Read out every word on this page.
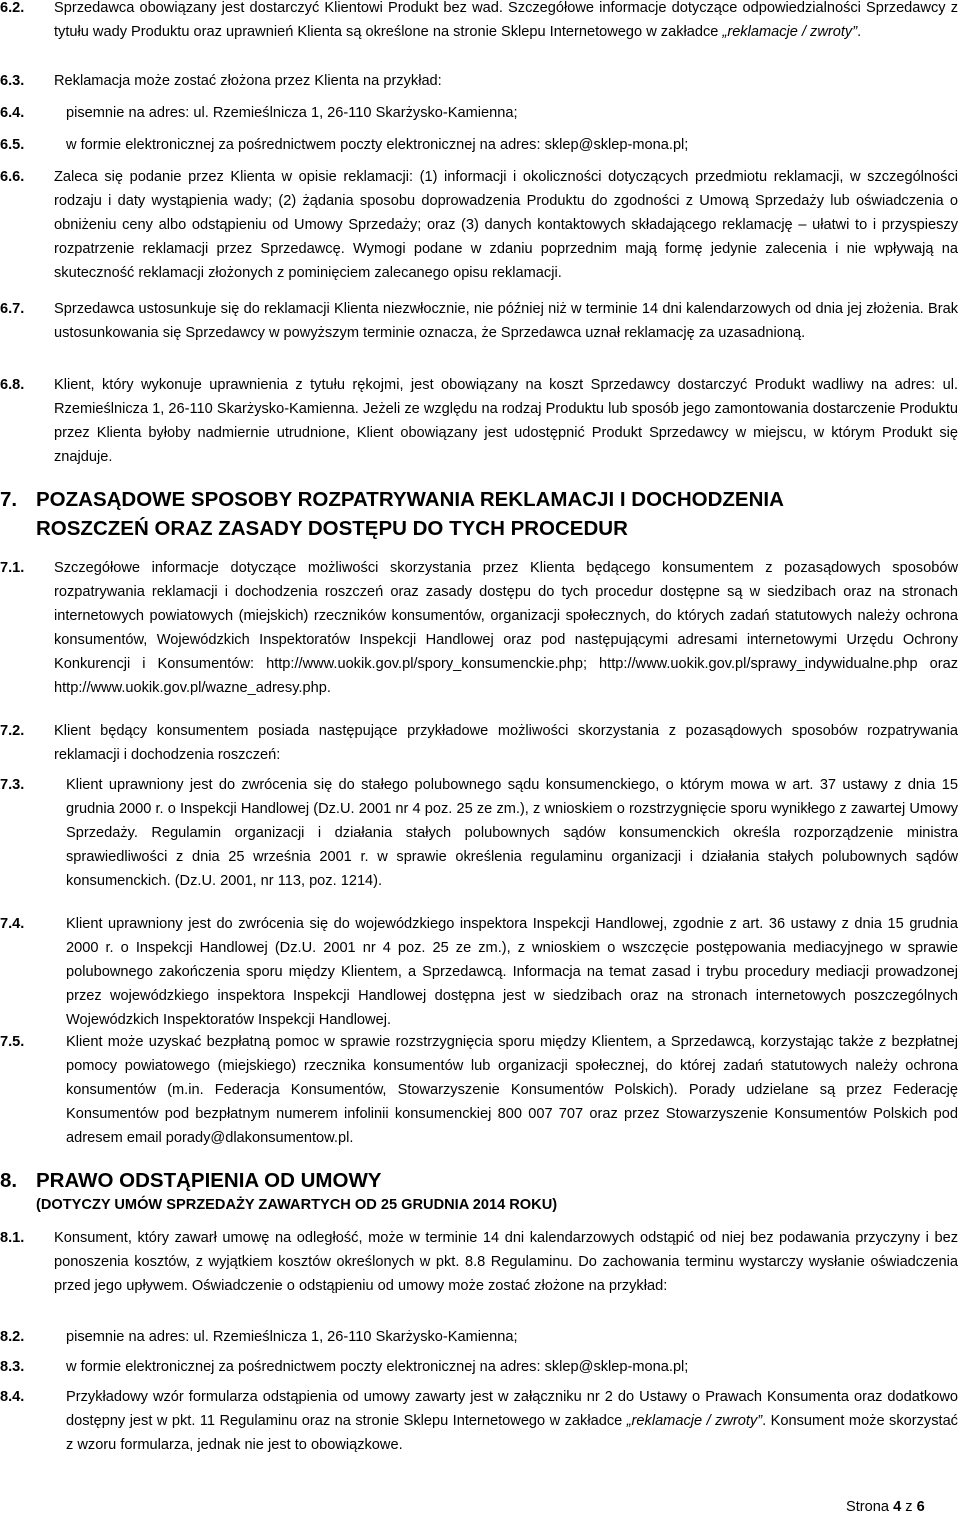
6.2. Sprzedawca obowiązany jest dostarczyć Klientowi Produkt bez wad. Szczegółowe informacje dotyczące odpowiedzialności Sprzedawcy z tytułu wady Produktu oraz uprawnień Klienta są określone na stronie Sklepu Internetowego w zakładce „reklamacje / zwroty”.
6.3. Reklamacja może zostać złożona przez Klienta na przykład:
6.4.	pisemnie na adres: ul. Rzemieślnicza 1, 26-110 Skarżysko-Kamienna;
6.5.	w formie elektronicznej za pośrednictwem poczty elektronicznej na adres: sklep@sklep-mona.pl;
6.6. Zaleca się podanie przez Klienta w opisie reklamacji: (1) informacji i okoliczności dotyczących przedmiotu reklamacji, w szczególności rodzaju i daty wystąpienia wady; (2) żądania sposobu doprowadzenia Produktu do zgodności z Umową Sprzedaży lub oświadczenia o obniżeniu ceny albo odstąpieniu od Umowy Sprzedaży; oraz (3) danych kontaktowych składającego reklamację – ułatwi to i przyspieszy rozpatrzenie reklamacji przez Sprzedawcę. Wymogi podane w zdaniu poprzednim mają formę jedynie zalecenia i nie wpływają na skuteczność reklamacji złożonych z pominięciem zalecanego opisu reklamacji.
6.7. Sprzedawca ustosunkuje się do reklamacji Klienta niezwłocznie, nie później niż w terminie 14 dni kalendarzowych od dnia jej złożenia. Brak ustosunkowania się Sprzedawcy w powyższym terminie oznacza, że Sprzedawca uznał reklamację za uzasadnioną.
6.8. Klient, który wykonuje uprawnienia z tytułu rękojmi, jest obowiązany na koszt Sprzedawcy dostarczyć Produkt wadliwy na adres: ul. Rzemieślnicza 1, 26-110 Skarżysko-Kamienna. Jeżeli ze względu na rodzaj Produktu lub sposób jego zamontowania dostarczenie Produktu przez Klienta byłoby nadmiernie utrudnione, Klient obowiązany jest udostępnić Produkt Sprzedawcy w miejscu, w którym Produkt się znajduje.
7. POZASĄDOWE SPOSOBY ROZPATRYWANIA REKLAMACJI I DOCHODZENIA
ROSZCZEŃ ORAZ ZASADY DOSTĘPU DO TYCH PROCEDUR
7.1. Szczegółowe informacje dotyczące możliwości skorzystania przez Klienta będącego konsumentem z pozasądowych sposobów rozpatrywania reklamacji i dochodzenia roszczeń oraz zasady dostępu do tych procedur dostępne są w siedzibach oraz na stronach internetowych powiatowych (miejskich) rzeczników konsumentów, organizacji społecznych, do których zadań statutowych należy ochrona konsumentów, Wojewódzkich Inspektoratów Inspekcji Handlowej oraz pod następującymi adresami internetowymi Urzędu Ochrony Konkurencji i Konsumentów: http://www.uokik.gov.pl/spory_konsumenckie.php; http://www.uokik.gov.pl/sprawy_indywidualne.php oraz http://www.uokik.gov.pl/wazne_adresy.php.
7.2. Klient będący konsumentem posiada następujące przykładowe możliwości skorzystania z pozasądowych sposobów rozpatrywania reklamacji i dochodzenia roszczeń:
7.3.	Klient uprawniony jest do zwrócenia się do stałego polubownego sądu konsumenckiego, o którym mowa w art. 37 ustawy z dnia 15 grudnia 2000 r. o Inspekcji Handlowej (Dz.U. 2001 nr 4 poz. 25 ze zm.), z wnioskiem o rozstrzygnięcie sporu wynikłego z zawartej Umowy Sprzedaży. Regulamin organizacji i działania stałych polubownych sądów konsumenckich określa rozporządzenie ministra sprawiedliwości z dnia 25 września 2001 r. w sprawie określenia regulaminu organizacji i działania stałych polubownych sądów konsumenckich. (Dz.U. 2001, nr 113, poz. 1214).
7.4.	Klient uprawniony jest do zwrócenia się do wojewódzkiego inspektora Inspekcji Handlowej, zgodnie z art. 36 ustawy z dnia 15 grudnia 2000 r. o Inspekcji Handlowej (Dz.U. 2001 nr 4 poz. 25 ze zm.), z wnioskiem o wszczęcie postępowania mediacyjnego w sprawie polubownego zakończenia sporu między Klientem, a Sprzedawcą. Informacja na temat zasad i trybu procedury mediacji prowadzonej przez wojewódzkiego inspektora Inspekcji Handlowej dostępna jest w siedzibach oraz na stronach internetowych poszczególnych Wojewódzkich Inspektoratów Inspekcji Handlowej.
7.5.	Klient może uzyskać bezpłatną pomoc w sprawie rozstrzygnięcia sporu między Klientem, a Sprzedawcą, korzystając także z bezpłatnej pomocy powiatowego (miejskiego) rzecznika konsumentów lub organizacji społecznej, do której zadań statutowych należy ochrona konsumentów (m.in. Federacja Konsumentów, Stowarzyszenie Konsumentów Polskich). Porady udzielane są przez Federację Konsumentów pod bezpłatnym numerem infolinii konsumenckiej 800 007 707 oraz przez Stowarzyszenie Konsumentów Polskich pod adresem email porady@dlakonsumentow.pl.
8. PRAWO ODSTĄPIENIA OD UMOWY
(DOTYCZY UMÓW SPRZEDAŻY ZAWARTYCH OD 25 GRUDNIA 2014 ROKU)
8.1. Konsument, który zawarł umowę na odległość, może w terminie 14 dni kalendarzowych odstąpić od niej bez podawania przyczyny i bez ponoszenia kosztów, z wyjątkiem kosztów określonych w pkt. 8.8 Regulaminu. Do zachowania terminu wystarczy wysłanie oświadczenia przed jego upływem. Oświadczenie o odstąpieniu od umowy może zostać złożone na przykład:
8.2.	pisemnie na adres: ul. Rzemieślnicza 1, 26-110 Skarżysko-Kamienna;
8.3.	w formie elektronicznej za pośrednictwem poczty elektronicznej na adres: sklep@sklep-mona.pl;
8.4.	Przykładowy wzór formularza odstąpienia od umowy zawarty jest w załączniku nr 2 do Ustawy o Prawach Konsumenta oraz dodatkowo dostępny jest w pkt. 11 Regulaminu oraz na stronie Sklepu Internetowego w zakładce „reklamacje / zwroty”. Konsument może skorzystać z wzoru formularza, jednak nie jest to obowiązkowe.
Strona 4 z 6
